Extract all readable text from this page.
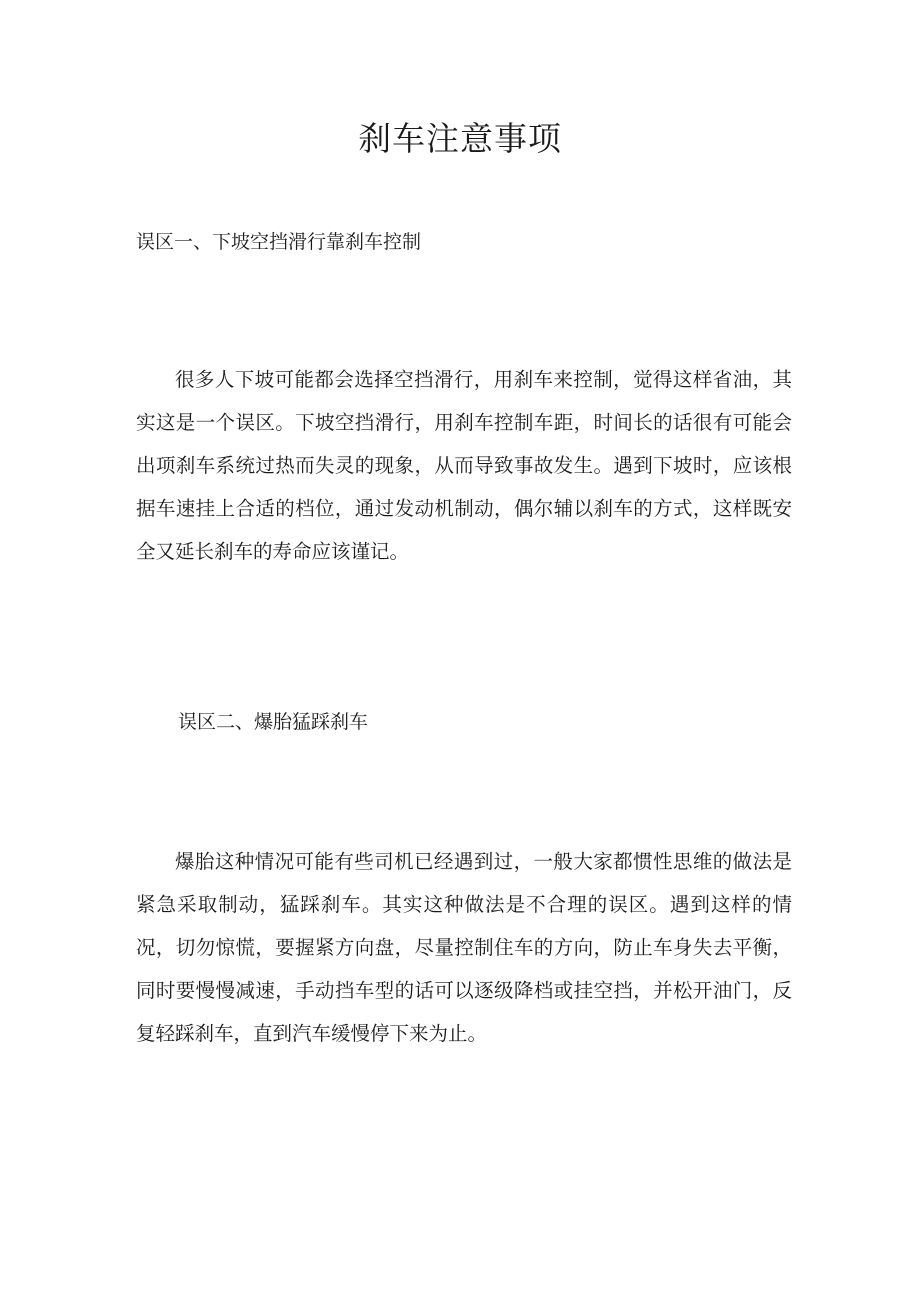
刹车注意事项
误区一、下坡空挡滑行靠刹车控制

很多人下坡可能都会选择空挡滑行，用刹车来控制，觉得这样省油，其实这是一个误区。下坡空挡滑行，用刹车控制车距，时间长的话很有可能会出项刹车系统过热而失灵的现象，从而导致事故发生。遇到下坡时，应该根据车速挂上合适的档位，通过发动机制动，偶尔辅以刹车的方式，这样既安全又延长刹车的寿命应该谨记。

误区二、爆胎猛踩刹车

爆胎这种情况可能有些司机已经遇到过，一般大家都惯性思维的做法是紧急采取制动，猛踩刹车。其实这种做法是不合理的误区。遇到这样的情况，切勿惊慌，要握紧方向盘，尽量控制住车的方向，防止车身失去平衡，同时要慢慢减速，手动挡车型的话可以逐级降档或挂空挡，并松开油门，反复轻踩刹车，直到汽车缓慢停下来为止。
